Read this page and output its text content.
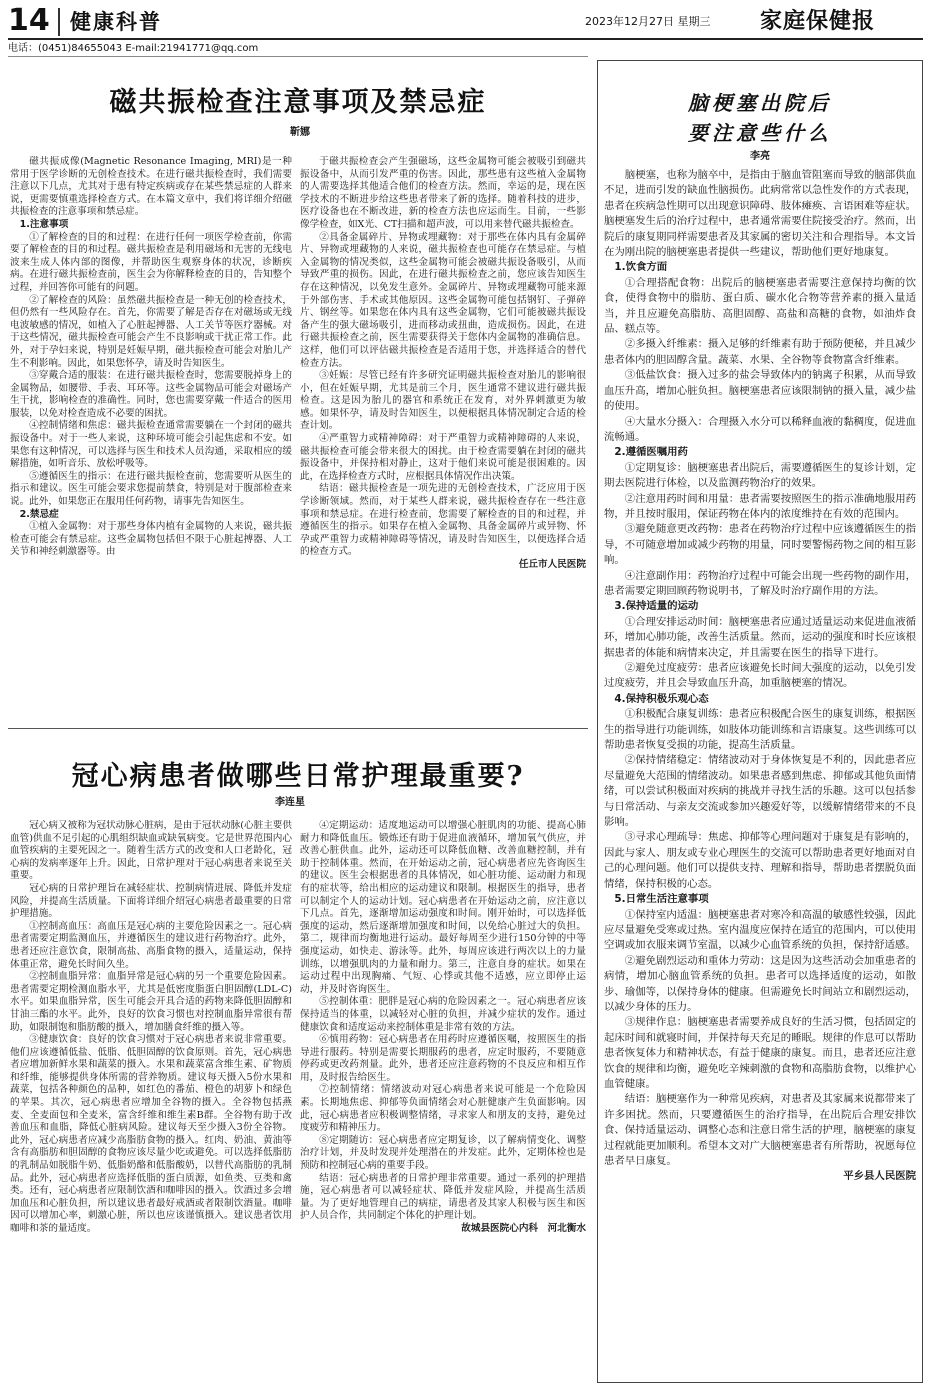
14 健康科普	2023年12月27日 星期三 家庭保健报
电话：(0451)84655043 E-mail:21941771@qq.com
磁共振检查注意事项及禁忌症
靳娜

磁共振成像(Magnetic Resonance Imaging, MRI)是一种常用于医学诊断的无创检查技术。在进行磁共振检查时，我们需要注意以下几点，尤其对于患有特定疾病或存在某些禁忌症的人群来说，更需要慎重选择检查方式。在本篇文章中，我们将详细介绍磁共振检查的注意事项和禁忌症。

1.注意事项

①了解检查的目的和过程：在进行任何一项医学检查前，你需要了解检查的目的和过程。磁共振检查是利用磁场和无害的无线电波来生成人体内部的图像，并帮助医生观察身体的状况，诊断疾病。在进行磁共振检查前，医生会为你解释检查的目的，告知整个过程，并回答你可能有的问题。

②了解检查的风险：虽然磁共振检查是一种无创的检查技术，但仍然有一些风险存在。首先，你需要了解是否存在对磁场或无线电波敏感的情况，如植入了心脏起搏器、人工关节等医疗器械。对于这些情况，磁共振检查可能会产生不良影响或干扰正常工作。此外，对于孕妇来说，特别是妊娠早期，磁共振检查可能会对胎儿产生不利影响。因此，如果您怀孕，请及时告知医生。

③穿戴合适的服装：在进行磁共振检查时，您需要脱掉身上的金属物品，如腰带、手表、耳环等。这些金属物品可能会对磁场产生干扰，影响检查的准确性。同时，您也需要穿戴一件适合的医用服装，以免对检查造成不必要的困扰。

④控制情绪和焦虑：磁共振检查通常需要躺在一个封闭的磁共振设备中。对于一些人来说，这种环境可能会引起焦虑和不安。如果您有这种情况，可以选择与医生和技术人员沟通，采取相应的缓解措施，如听音乐、放松呼吸等。

⑤遵循医生的指示：在进行磁共振检查前，您需要听从医生的指示和建议。医生可能会要求您提前禁食，特别是对于腹部检查来说。此外，如果您正在服用任何药物，请事先告知医生。

2.禁忌症

①植入金属物：对于那些身体内植有金属物的人来说，磁共振检查可能会有禁忌症。这些金属物包括但不限于心脏起搏器、人工关节和神经刺激器等。由

于磁共振检查会产生强磁场，这些金属物可能会被吸引到磁共振设备中，从而引发严重的伤害。因此，那些患有这些植入金属物的人需要选择其他适合他们的检查方法。然而，幸运的是，现在医学技术的不断进步给这些患者带来了新的选择。随着科技的进步，医疗设备也在不断改进，新的检查方法也应运而生。目前，一些影像学检查，如X光、CT扫描和超声波，可以用来替代磁共振检查。

②具备金属碎片、异物或埋藏物：对于那些在体内具有金属碎片、异物或埋藏物的人来说，磁共振检查也可能存在禁忌症。与植入金属物的情况类似，这些金属物可能会被磁共振设备吸引，从而导致严重的损伤。因此，在进行磁共振检查之前，您应该告知医生存在这种情况，以免发生意外。金属碎片、异物或埋藏物可能来源于外部伤害、手术或其他原因。这些金属物可能包括钢钉、子弹碎片、钢丝等。如果您在体内具有这些金属物，它们可能被磁共振设备产生的强大磁场吸引，进而移动或扭曲，造成损伤。因此，在进行磁共振检查之前，医生需要获得关于您体内金属物的准确信息。这样，他们可以评估磁共振检查是否适用于您，并选择适合的替代检查方法。

③妊娠：尽管已经有许多研究证明磁共振检查对胎儿的影响很小，但在妊娠早期，尤其是前三个月，医生通常不建议进行磁共振检查。这是因为胎儿的器官和系统正在发育，对外界刺激更为敏感。如果怀孕，请及时告知医生，以便根据具体情况制定合适的检查计划。

④严重智力或精神障碍：对于严重智力或精神障碍的人来说，磁共振检查可能会带来很大的困扰。由于检查需要躺在封闭的磁共振设备中，并保持相对静止，这对于他们来说可能是很困难的。因此，在选择检查方式时，应根据具体情况作出决策。

结语：磁共振检查是一项先进的无创检查技术，广泛应用于医学诊断领域。然而，对于某些人群来说，磁共振检查存在一些注意事项和禁忌症。在进行检查前，您需要了解检查的目的和过程，并遵循医生的指示。如果存在植入金属物、具备金属碎片或异物、怀孕或严重智力或精神障碍等情况，请及时告知医生，以便选择合适的检查方式。

任丘市人民医院

冠心病患者做哪些日常护理最重要?
李连星

冠心病又被称为冠状动脉心脏病，是由于冠状动脉(心脏主要供血管)供血不足引起的心肌组织缺血或缺氧病变。它是世界范围内心血管疾病的主要死因之一。随着生活方式的改变和人口老龄化，冠心病的发病率逐年上升。因此，日常护理对于冠心病患者来说至关重要。

冠心病的日常护理旨在减轻症状、控制病情进展、降低并发症风险，并提高生活质量。下面将详细介绍冠心病患者最重要的日常护理措施。

①控制高血压：高血压是冠心病的主要危险因素之一。冠心病患者需要定期监测血压，并遵循医生的建议进行药物治疗。此外，患者还应注意饮食，限制高盐、高脂食物的摄入，适量运动，保持体重正常，避免长时间久坐。

②控制血脂异常：血脂异常是冠心病的另一个重要危险因素。患者需要定期检测血脂水平，尤其是低密度脂蛋白胆固醇(LDL-C)水平。如果血脂异常，医生可能会开具合适的药物来降低胆固醇和甘油三酯的水平。此外，良好的饮食习惯也对控制血脂异常很有帮助，如限制饱和脂肪酸的摄入，增加膳食纤维的摄入等。

③健康饮食：良好的饮食习惯对于冠心病患者来说非常重要。他们应该遵循低盐、低脂、低胆固醇的饮食原则。首先，冠心病患者应增加新鲜水果和蔬菜的摄入。水果和蔬菜富含维生素、矿物质和纤维，能够提供身体所需的营养物质。建议每天摄入5份水果和蔬菜，包括各种颜色的品种，如红色的番茄、橙色的胡萝卜和绿色的苹果。其次，冠心病患者应增加全谷物的摄入。全谷物包括燕麦、全麦面包和全麦米，富含纤维和维生素B群。全谷物有助于改善血压和血脂，降低心脏病风险。建议每天至少摄入3份全谷物。此外，冠心病患者应减少高脂肪食物的摄入。红肉、奶油、黄油等含有高脂肪和胆固醇的食物应该尽量少吃或避免。可以选择低脂肪的乳制品如脱脂牛奶、低脂奶酪和低脂酸奶，以替代高脂肪的乳制品。此外，冠心病患者应选择低脂的蛋白质源，如鱼类、豆类和禽类。还有，冠心病患者应限制饮酒和咖啡因的摄入。饮酒过多会增加血压和心脏负担，所以建议患者最好戒酒或者限制饮酒量。咖啡因可以增加心率，刺激心脏，所以也应该谨慎摄入。建议患者饮用咖啡和茶的量适度。

④定期运动：适度地运动可以增强心脏肌肉的功能、提高心肺耐力和降低血压。锻炼还有助于促进血液循环，增加氧气供应，并改善心脏供血。此外，运动还可以降低血糖、改善血糖控制，并有助于控制体重。然而，在开始运动之前，冠心病患者应先咨询医生的建议。医生会根据患者的具体情况，如心脏功能、运动耐力和现有的症状等，给出相应的运动建议和限制。根据医生的指导，患者可以制定个人的运动计划。冠心病患者在开始运动之前，应注意以下几点。首先，逐渐增加运动强度和时间。刚开始时，可以选择低强度的运动，然后逐渐增加强度和时间，以免给心脏过大的负担。第二，规律而均衡地进行运动。最好每周至少进行150分钟的中等强度运动，如快走、游泳等。此外，每周应该进行两次以上的力量训练，以增强肌肉的力量和耐力。第三，注意自身的症状。如果在运动过程中出现胸痛、气短、心悸或其他不适感，应立即停止运动，并及时咨询医生。

⑤控制体重：肥胖是冠心病的危险因素之一。冠心病患者应该保持适当的体重，以减轻对心脏的负担，并减少症状的发作。通过健康饮食和适度运动来控制体重是非常有效的方法。

⑥慎用药物：冠心病患者在用药时应遵循医嘱，按照医生的指导进行服药。特别是需要长期服药的患者，应定时服药，不要随意停药或更改药剂量。此外，患者还应注意药物的不良反应和相互作用，及时报告给医生。

⑦控制情绪：情绪波动对冠心病患者来说可能是一个危险因素。长期地焦虑、抑郁等负面情绪会对心脏健康产生负面影响。因此，冠心病患者应积极调整情绪，寻求家人和朋友的支持，避免过度疲劳和精神压力。

⑧定期随访：冠心病患者应定期复诊，以了解病情变化、调整治疗计划，并及时发现并处理潜在的并发症。此外，定期体检也是预防和控制冠心病的重要手段。

结语：冠心病患者的日常护理非常重要。通过一系列的护理措施，冠心病患者可以减轻症状、降低并发症风险，并提高生活质量。为了更好地管理自己的病症，请患者及其家人积极与医生和医护人员合作，共同制定个体化的护理计划。

故城县医院心内科　河北衡水

脑梗塞出院后
要注意些什么
李亮

脑梗塞，也称为脑卒中，是指由于脑血管阻塞而导致的脑部供血不足，进而引发的缺血性脑损伤。此病常常以急性发作的方式表现，患者在疾病急性期可以出现意识障碍、肢体瘫痪、言语困难等症状。脑梗塞发生后的治疗过程中，患者通常需要住院接受治疗。然而，出院后的康复期同样需要患者及其家属的密切关注和合理指导。本文旨在为刚出院的脑梗塞患者提供一些建议，帮助他们更好地康复。

1.饮食方面

①合理搭配食物：出院后的脑梗塞患者需要注意保持均衡的饮食，使得食物中的脂肪、蛋白质、碳水化合物等营养素的摄入量适当，并且应避免高脂肪、高胆固醇、高盐和高糖的食物，如油炸食品、糕点等。

②多摄入纤维素：摄入足够的纤维素有助于预防便秘，并且减少患者体内的胆固醇含量。蔬菜、水果、全谷物等食物富含纤维素。

③低盐饮食：摄入过多的盐会导致体内的钠离子积累，从而导致血压升高，增加心脏负担。脑梗塞患者应该限制钠的摄入量，减少盐的使用。

④大量水分摄入：合理摄入水分可以稀释血液的黏稠度，促进血流畅通。

2.遵循医嘱用药

①定期复诊：脑梗塞患者出院后，需要遵循医生的复诊计划，定期去医院进行体检，以及监测药物治疗的效果。

②注意用药时间和用量：患者需要按照医生的指示准确地服用药物，并且按时服用，保证药物在体内的浓度维持在有效的范围内。

③避免随意更改药物：患者在药物治疗过程中应该遵循医生的指导，不可随意增加或减少药物的用量，同时要警惕药物之间的相互影响。

④注意副作用：药物治疗过程中可能会出现一些药物的副作用，患者需要定期回顾药物说明书，了解及时治疗副作用的方法。

3.保持适量的运动

①合理安排运动时间：脑梗塞患者应通过适量运动来促进血液循环，增加心肺功能，改善生活质量。然而，运动的强度和时长应该根据患者的体能和病情来决定，并且需要在医生的指导下进行。

②避免过度疲劳：患者应该避免长时间大强度的运动，以免引发过度疲劳，并且会导致血压升高，加重脑梗塞的情况。

4.保持积极乐观心态

①积极配合康复训练：患者应积极配合医生的康复训练，根据医生的指导进行功能训练，如肢体功能训练和言语康复。这些训练可以帮助患者恢复受损的功能，提高生活质量。

②保持情绪稳定：情绪波动对于身体恢复是不利的，因此患者应尽量避免大范围的情绪波动。如果患者感到焦虑、抑郁或其他负面情绪，可以尝试积极面对疾病的挑战并寻找生活的乐趣。这可以包括参与日常活动、与亲友交流或参加兴趣爱好等，以缓解情绪带来的不良影响。

③寻求心理疏导：焦虑、抑郁等心理问题对于康复是有影响的，因此与家人、朋友或专业心理医生的交流可以帮助患者更好地面对自己的心理问题。他们可以提供支持、理解和指导，帮助患者摆脱负面情绪，保持积极的心态。

5.日常生活注意事项

①保持室内适温：脑梗塞患者对寒冷和高温的敏感性较强，因此应尽量避免受寒或过热。室内温度应保持在适宜的范围内，可以使用空调或加衣服来调节室温，以减少心血管系统的负担，保持舒适感。

②避免剧烈运动和重体力劳动：这是因为这些活动会加重患者的病情，增加心脑血管系统的负担。患者可以选择适度的运动，如散步、瑜伽等，以保持身体的健康。但需避免长时间站立和剧烈运动，以减少身体的压力。

③规律作息：脑梗塞患者需要养成良好的生活习惯，包括固定的起床时间和就寝时间，并保持每天充足的睡眠。规律的作息可以帮助患者恢复体力和精神状态，有益于健康的康复。而且，患者还应注意饮食的规律和均衡，避免吃辛辣刺激的食物和高脂肪食物，以维护心血管健康。

结语：脑梗塞作为一种常见疾病，对患者及其家属来说都带来了许多困扰。然而，只要遵循医生的治疗指导，在出院后合理安排饮食、保持适量运动、调整心态和注意日常生活的护理，脑梗塞的康复过程就能更加顺利。希望本文对广大脑梗塞患者有所帮助，祝愿每位患者早日康复。

平乡县人民医院
